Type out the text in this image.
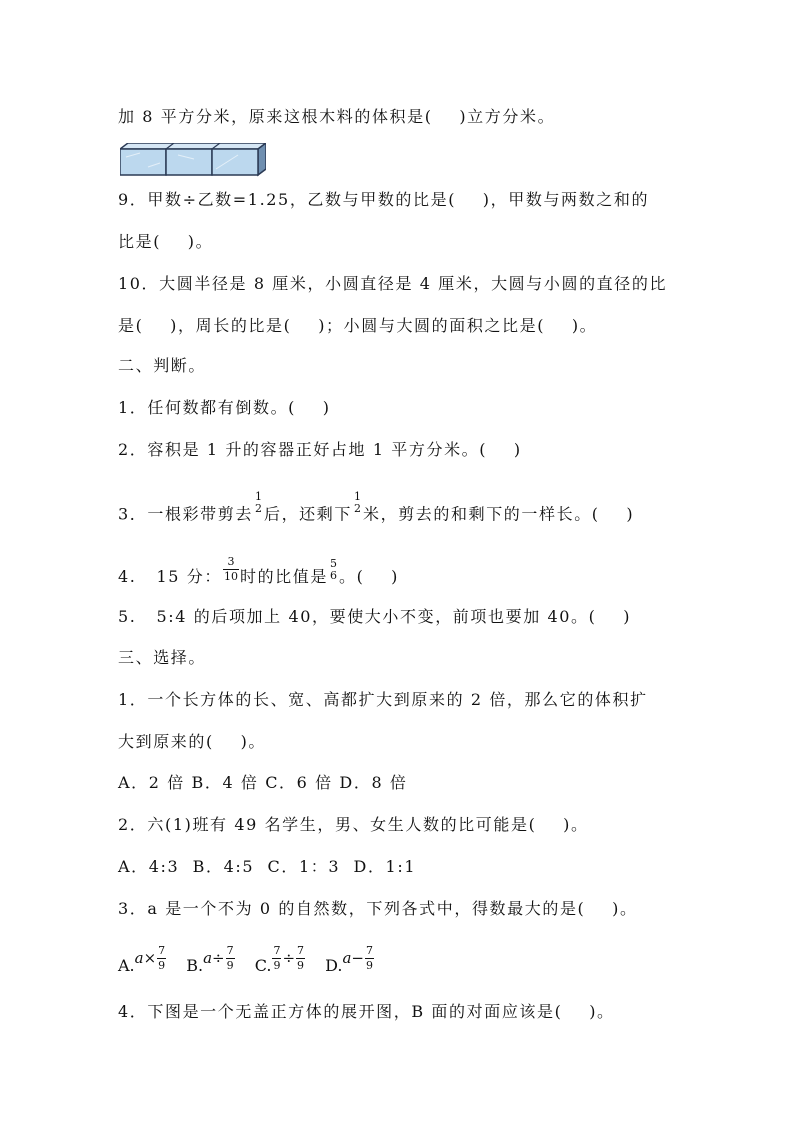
加 8 平方分米，原来这根木料的体积是(    )立方分米。
9．甲数÷乙数=1.25，乙数与甲数的比是(    )，甲数与两数之和的
比是(    )。
10．大圆半径是 8 厘米，小圆直径是 4 厘米，大圆与小圆的直径的比
是(    )，周长的比是(    )；小圆与大圆的面积之比是(    )。
二、判断。
1．任何数都有倒数。(    )
2．容积是 1 升的容器正好占地 1 平方分米。(    )
3．一根彩带剪去
1
2 后，还剩下
1
2 米，剪去的和剩下的一样长。(    )
4.   15 分： $\frac{3}{10}$ 时的比值是
5
6 。(    )
5.   5:4 的后项加上 40，要使大小不变，前项也要加 40。(    )
三、选择。
1．一个长方体的长、宽、高都扩大到原来的 2 倍，那么它的体积扩
大到原来的(    )。
A．2 倍 B．4 倍 C．6 倍 D．8 倍
2．六(1)班有 49 名学生，男、女生人数的比可能是(    )。
A．4:3  B．4:5  C．1：3  D．1:1
3．a 是一个不为 0 的自然数，下列各式中，得数最大的是(    )。
$A.a\times \frac{7}{9} B.a\div \frac{7}{9} C$. $\frac{7}{9} \div \frac{7}{9} D.a- \frac{7}{9}$
4．下图是一个无盖正方体的展开图，B 面的对面应该是(    )。
